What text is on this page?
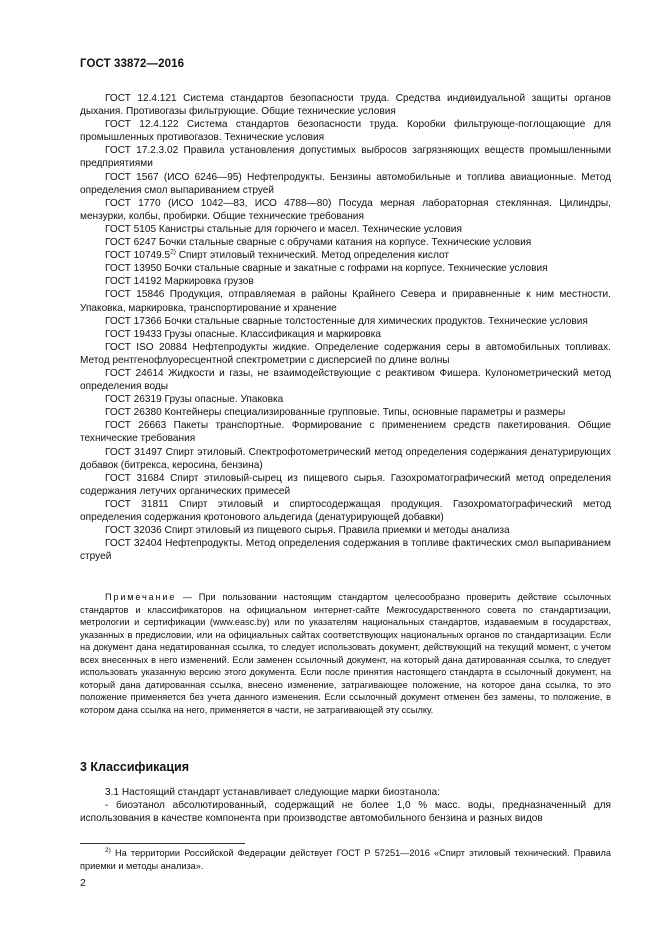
ГОСТ 33872—2016

ГОСТ 12.4.121 Система стандартов безопасности труда. Средства индивидуальной защиты органов дыхания. Противогазы фильтрующие. Общие технические условия

ГОСТ 12.4.122 Система стандартов безопасности труда. Коробки фильтрующе-поглощающие для промышленных противогазов. Технические условия

ГОСТ 17.2.3.02 Правила установления допустимых выбросов загрязняющих веществ промышленными предприятиями

ГОСТ 1567 (ИСО 6246—95) Нефтепродукты. Бензины автомобильные и топлива авиационные. Метод определения смол выпариванием струей

ГОСТ 1770 (ИСО 1042—83, ИСО 4788—80) Посуда мерная лабораторная стеклянная. Цилиндры, мензурки, колбы, пробирки. Общие технические требования

ГОСТ 5105 Канистры стальные для горючего и масел. Технические условия

ГОСТ 6247 Бочки стальные сварные с обручами катания на корпусе. Технические условия

ГОСТ 10749.5$^{2)}$ Спирт этиловый технический. Метод определения кислот

ГОСТ 13950 Бочки стальные сварные и закатные с гофрами на корпусе. Технические условия

ГОСТ 14192 Маркировка грузов

ГОСТ 15846 Продукция, отправляемая в районы Крайнего Севера и приравненные к ним местности. Упаковка, маркировка, транспортирование и хранение

ГОСТ 17366 Бочки стальные сварные толстостенные для химических продуктов. Технические условия

ГОСТ 19433 Грузы опасные. Классификация и маркировка

ГОСТ ISO 20884 Нефтепродукты жидкие. Определение содержания серы в автомобильных топливах. Метод рентгенофлуоресцентной спектрометрии с дисперсией по длине волны

ГОСТ 24614 Жидкости и газы, не взаимодействующие с реактивом Фишера. Кулонометрический метод определения воды

ГОСТ 26319 Грузы опасные. Упаковка

ГОСТ 26380 Контейнеры специализированные групповые. Типы, основные параметры и размеры

ГОСТ 26663 Пакеты транспортные. Формирование с применением средств пакетирования. Общие технические требования

ГОСТ 31497 Спирт этиловый. Спектрофотометрический метод определения содержания денатурирующих добавок (битрекса, керосина, бензина)

ГОСТ 31684 Спирт этиловый-сырец из пищевого сырья. Газохроматографический метод определения содержания летучих органических примесей

ГОСТ 31811 Спирт этиловый и спиртосодержащая продукция. Газохроматографический метод определения содержания кротонового альдегида (денатурирующей добавки)

ГОСТ 32036 Спирт этиловый из пищевого сырья. Правила приемки и методы анализа

ГОСТ 32404 Нефтепродукты. Метод определения содержания в топливе фактических смол выпариванием струей

Примечание — При пользовании настоящим стандартом целесообразно проверить действие ссылочных стандартов и классификаторов на официальном интернет-сайте Межгосударственного совета по стандартизации, метрологии и сертификации (www.easc.by) или по указателям национальных стандартов, издаваемым в государствах, указанных в предисловии, или на официальных сайтах соответствующих национальных органов по стандартизации. Если на документ дана недатированная ссылка, то следует использовать документ, действующий на текущий момент, с учетом всех внесенных в него изменений. Если заменен ссылочный документ, на который дана датированная ссылка, то следует использовать указанную версию этого документа. Если после принятия настоящего стандарта в ссылочный документ, на который дана датированная ссылка, внесено изменение, затрагивающее положение, на которое дана ссылка, то это положение применяется без учета данного изменения. Если ссылочный документ отменен без замены, то положение, в котором дана ссылка на него, применяется в части, не затрагивающей эту ссылку.

3 Классификация

3.1 Настоящий стандарт устанавливает следующие марки биоэтанола:

- биоэтанол абсолютированный, содержащий не более 1,0 % масс. воды, предназначенный для использования в качестве компонента при производстве автомобильного бензина и разных видов

$^{2)}$ На территории Российской Федерации действует ГОСТ Р 57251—2016 «Спирт этиловый технический. Правила приемки и методы анализа».

2
